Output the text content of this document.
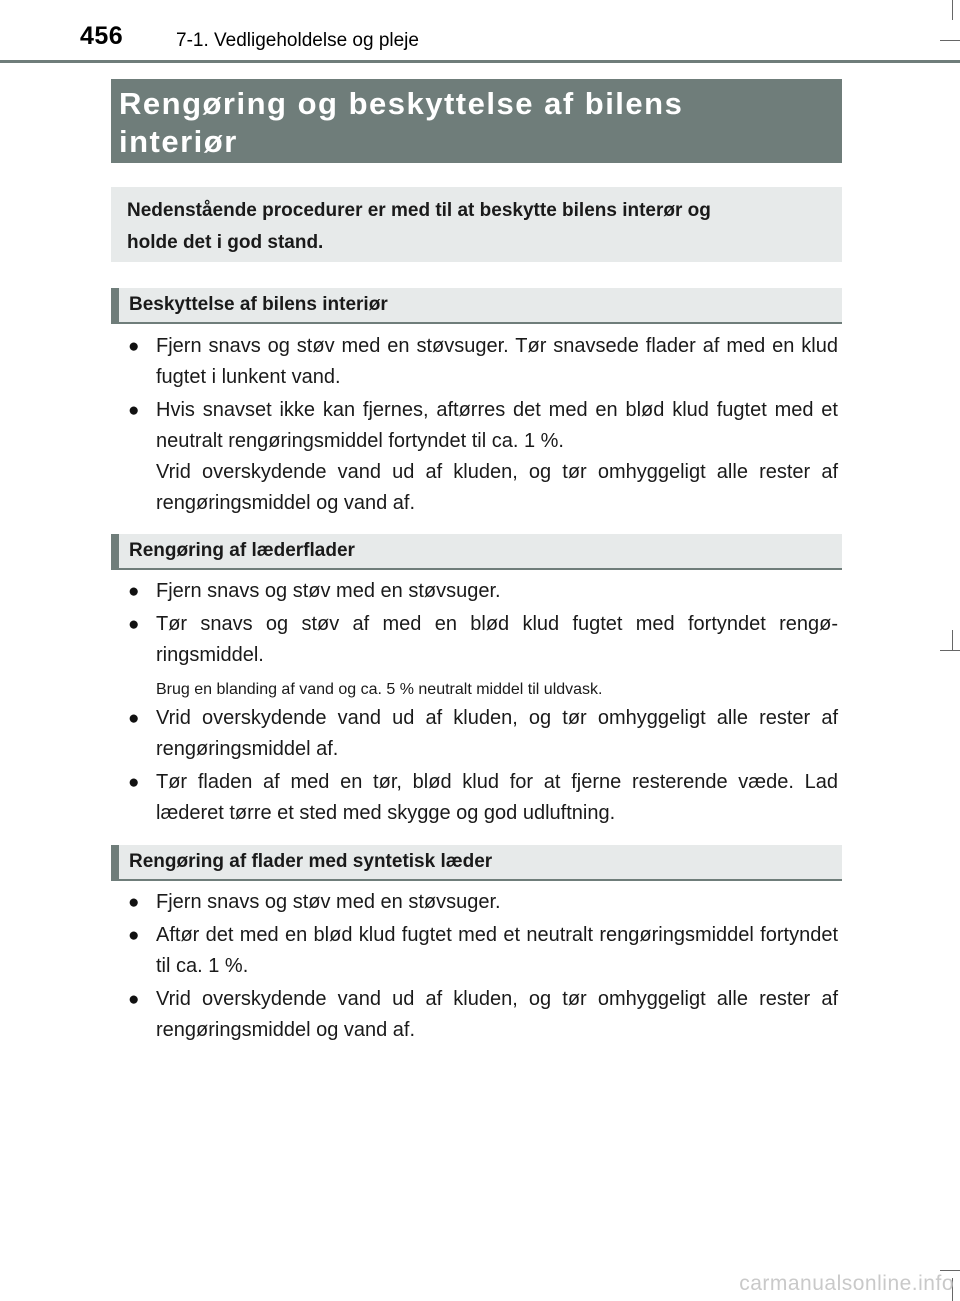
456	7-1. Vedligeholdelse og pleje
Rengøring og beskyttelse af bilens
interiør

Nedenstående procedurer er med til at beskytte bilens interør og
holde det i god stand.

Beskyttelse af bilens interiør
● Fjern snavs og støv med en støvsuger. Tør snavsede flader af med en klud fugtet i lunkent vand.
● Hvis snavset ikke kan fjernes, aftørres det med en blød klud fugtet med et neutralt rengøringsmiddel fortyndet til ca. 1 %.
Vrid overskydende vand ud af kluden, og tør omhyggeligt alle rester af rengøringsmiddel og vand af.
Rengøring af læderflader
● Fjern snavs og støv med en støvsuger.
● Tør snavs og støv af med en blød klud fugtet med fortyndet rengø-ringsmiddel.
Brug en blanding af vand og ca. 5 % neutralt middel til uldvask.
● Vrid overskydende vand ud af kluden, og tør omhyggeligt alle rester af rengøringsmiddel af.
● Tør fladen af med en tør, blød klud for at fjerne resterende væde. Lad læderet tørre et sted med skygge og god udluftning.
Rengøring af flader med syntetisk læder
● Fjern snavs og støv med en støvsuger.
● Aftør det med en blød klud fugtet med et neutralt rengøringsmiddel fortyndet til ca. 1 %.
● Vrid overskydende vand ud af kluden, og tør omhyggeligt alle rester af rengøringsmiddel og vand af.
carmanualsonline.info
